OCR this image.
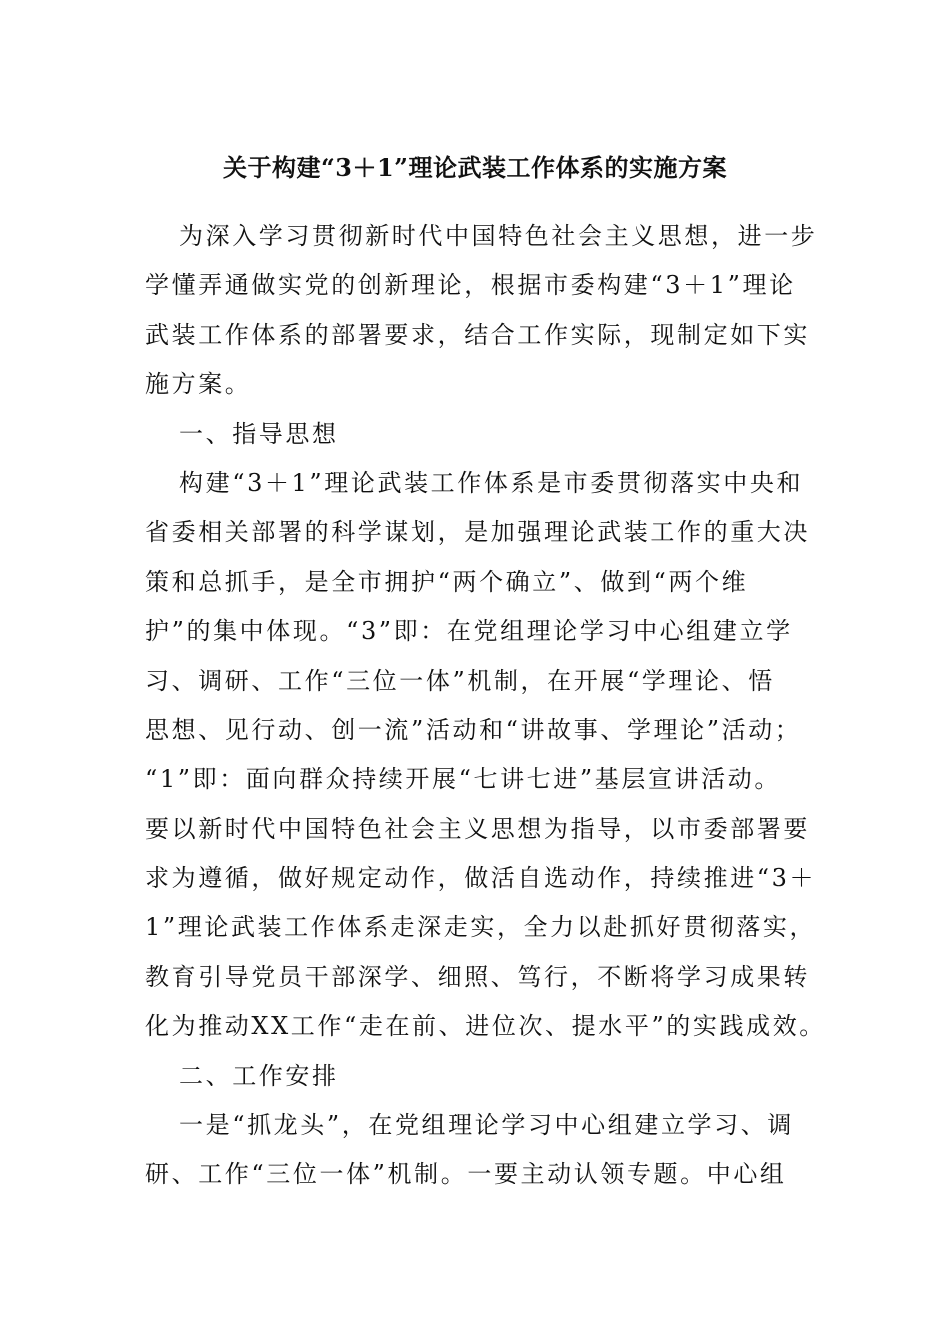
关于构建“3＋1”理论武装工作体系的实施方案
为深入学习贯彻新时代中国特色社会主义思想，进一步
学懂弄通做实党的创新理论，根据市委构建“3＋1”理论
武装工作体系的部署要求，结合工作实际，现制定如下实
施方案。
一、指导思想
构建“3＋1”理论武装工作体系是市委贯彻落实中央和
省委相关部署的科学谋划，是加强理论武装工作的重大决
策和总抓手，是全市拥护“两个确立”、做到“两个维
护”的集中体现。“3”即：在党组理论学习中心组建立学
习、调研、工作“三位一体”机制，在开展“学理论、悟
思想、见行动、创一流”活动和“讲故事、学理论”活动；
“1”即：面向群众持续开展“七讲七进”基层宣讲活动。
要以新时代中国特色社会主义思想为指导，以市委部署要
求为遵循，做好规定动作，做活自选动作，持续推进“3＋
1”理论武装工作体系走深走实，全力以赴抓好贯彻落实，
教育引导党员干部深学、细照、笃行，不断将学习成果转
化为推动XX工作“走在前、进位次、提水平”的实践成效。
二、工作安排
一是“抓龙头”，在党组理论学习中心组建立学习、调
研、工作“三位一体”机制。一要主动认领专题。中心组
